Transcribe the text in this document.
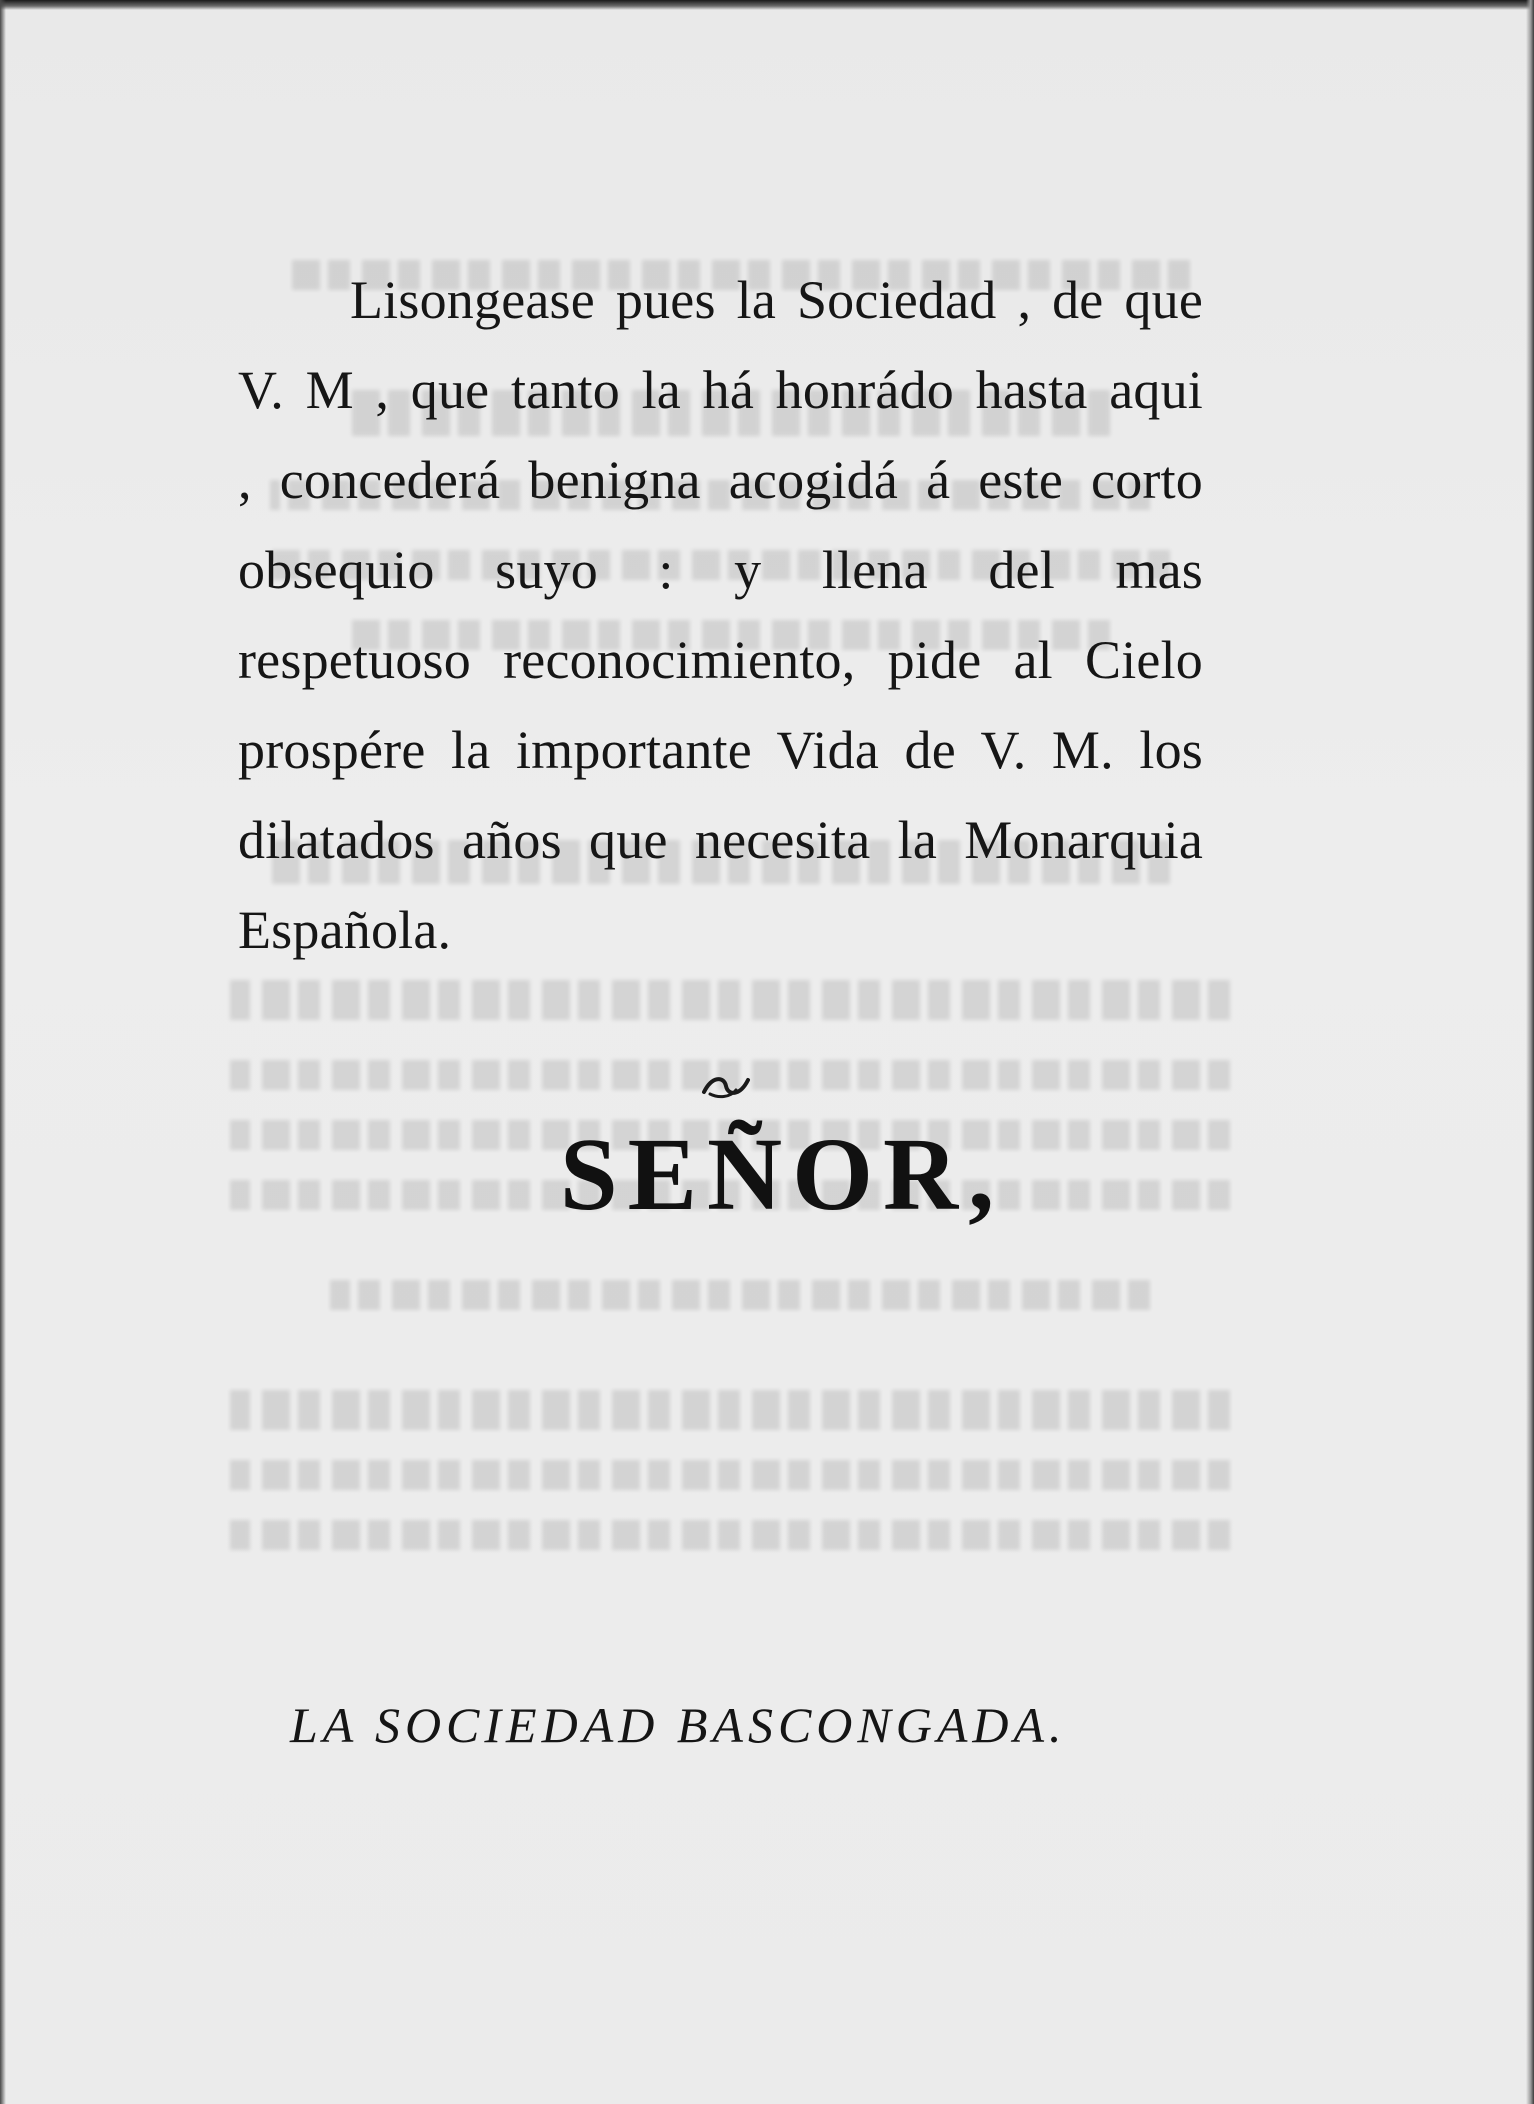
Lisongease pues la Sociedad , de que V. M , que tanto la há honrádo hasta aqui , concederá benigna acogidá á este corto obsequio suyo : y llena del mas respetuoso reconocimiento, pide al Cielo prospére la importante Vida de V. M. los dilatados años que necesita la Monarquia Española.

SEÑOR,

LA SOCIEDAD BASCONGADA.
